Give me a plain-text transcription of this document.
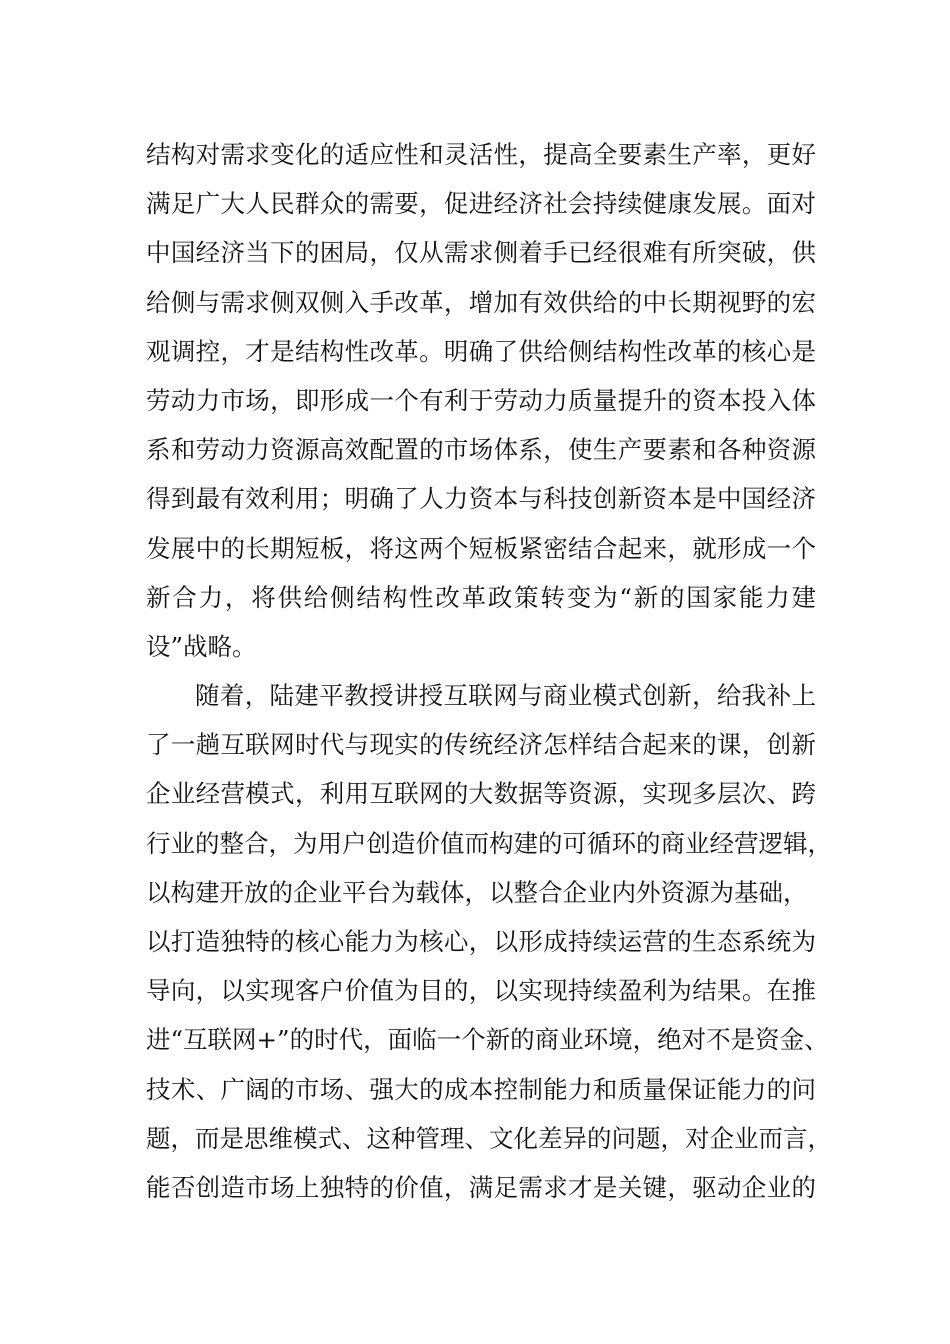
结构对需求变化的适应性和灵活性，提高全要素生产率，更好
满足广大人民群众的需要，促进经济社会持续健康发展。面对
中国经济当下的困局，仅从需求侧着手已经很难有所突破，供
给侧与需求侧双侧入手改革，增加有效供给的中长期视野的宏
观调控，才是结构性改革。明确了供给侧结构性改革的核心是
劳动力市场，即形成一个有利于劳动力质量提升的资本投入体
系和劳动力资源高效配置的市场体系，使生产要素和各种资源
得到最有效利用；明确了人力资本与科技创新资本是中国经济
发展中的长期短板，将这两个短板紧密结合起来，就形成一个
新合力，将供给侧结构性改革政策转变为“新的国家能力建
设”战略。
随着，陆建平教授讲授互联网与商业模式创新，给我补上
了一趟互联网时代与现实的传统经济怎样结合起来的课，创新
企业经营模式，利用互联网的大数据等资源，实现多层次、跨
行业的整合，为用户创造价值而构建的可循环的商业经营逻辑，
以构建开放的企业平台为载体，以整合企业内外资源为基础，
以打造独特的核心能力为核心，以形成持续运营的生态系统为
导向，以实现客户价值为目的，以实现持续盈利为结果。在推
进“互联网+”的时代，面临一个新的商业环境，绝对不是资金、
技术、广阔的市场、强大的成本控制能力和质量保证能力的问
题，而是思维模式、这种管理、文化差异的问题，对企业而言，
能否创造市场上独特的价值，满足需求才是关键，驱动企业的
